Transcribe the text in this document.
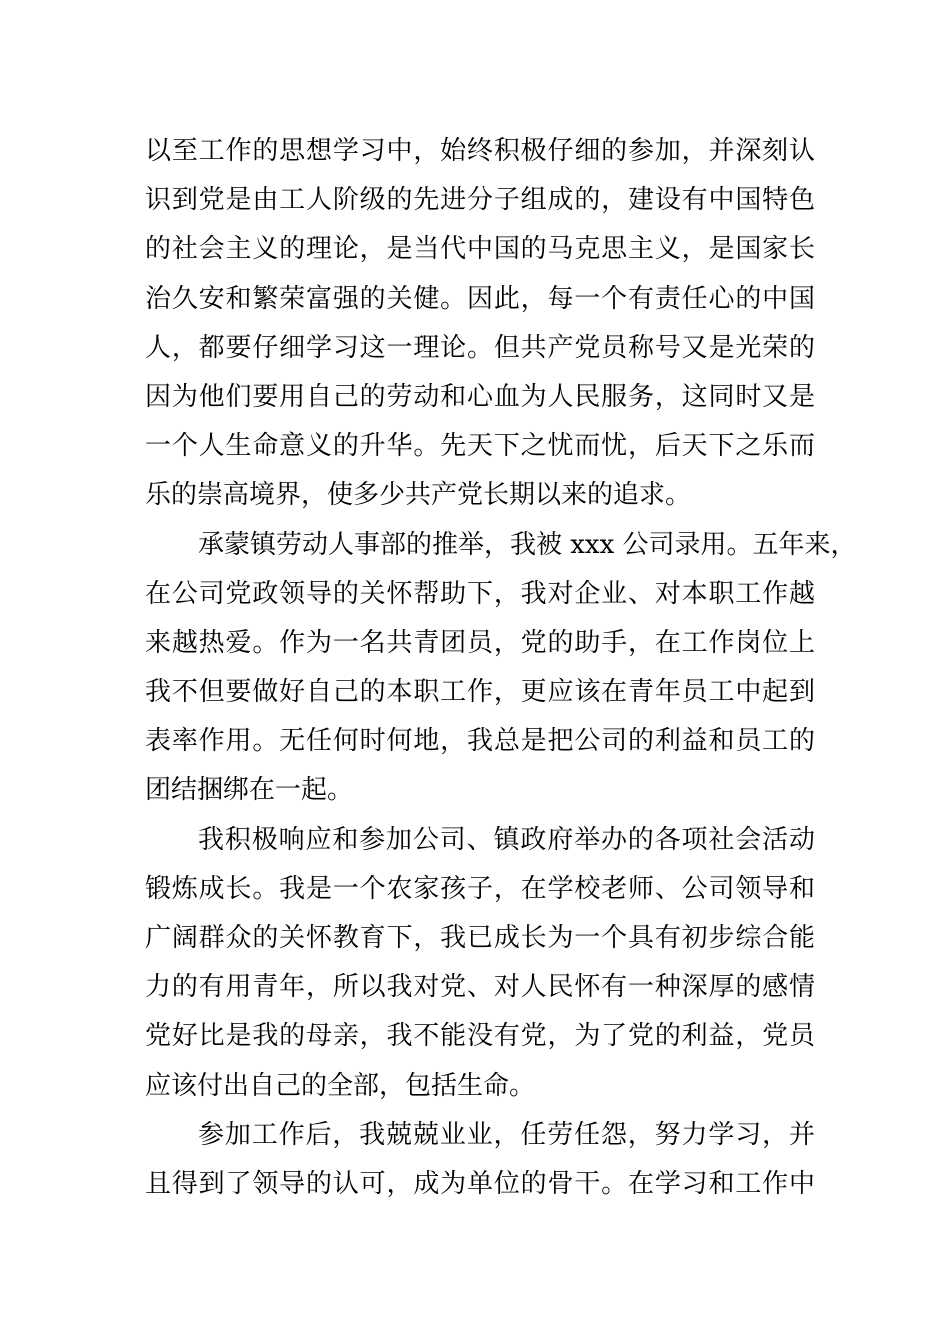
以至工作的思想学习中，始终积极仔细的参加，并深刻认
识到党是由工人阶级的先进分子组成的，建设有中国特色
的社会主义的理论，是当代中国的马克思主义，是国家长
治久安和繁荣富强的关健。因此，每一个有责任心的中国
人，都要仔细学习这一理论。但共产党员称号又是光荣的
因为他们要用自己的劳动和心血为人民服务，这同时又是
一个人生命意义的升华。先天下之忧而忧，后天下之乐而
乐的崇高境界，使多少共产党长期以来的追求。
承蒙镇劳动人事部的推举，我被 xxx 公司录用。五年来，
在公司党政领导的关怀帮助下，我对企业、对本职工作越
来越热爱。作为一名共青团员，党的助手，在工作岗位上
我不但要做好自己的本职工作，更应该在青年员工中起到
表率作用。无任何时何地，我总是把公司的利益和员工的
团结捆绑在一起。
我积极响应和参加公司、镇政府举办的各项社会活动
锻炼成长。我是一个农家孩子，在学校老师、公司领导和
广阔群众的关怀教育下，我已成长为一个具有初步综合能
力的有用青年，所以我对党、对人民怀有一种深厚的感情
党好比是我的母亲，我不能没有党，为了党的利益，党员
应该付出自己的全部，包括生命。
参加工作后，我兢兢业业，任劳任怨，努力学习，并
且得到了领导的认可，成为单位的骨干。在学习和工作中
